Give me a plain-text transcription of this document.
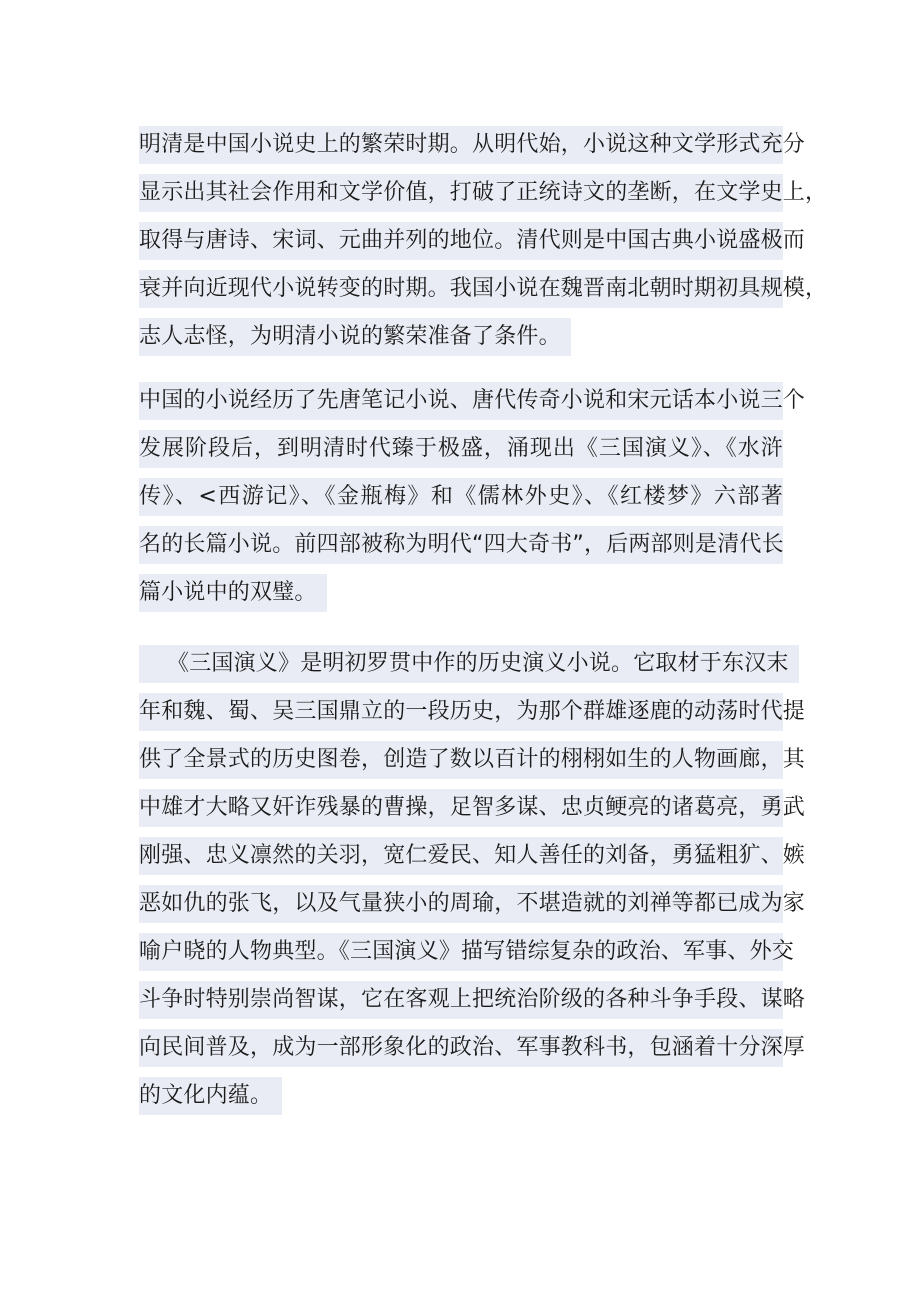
明清是中国小说史上的繁荣时期。从明代始，小说这种文学形式充分
显示出其社会作用和文学价值，打破了正统诗文的垄断，在文学史上，
取得与唐诗、宋词、元曲并列的地位。清代则是中国古典小说盛极而
衰并向近现代小说转变的时期。我国小说在魏晋南北朝时期初具规模，
志人志怪，为明清小说的繁荣准备了条件。
中国的小说经历了先唐笔记小说、唐代传奇小说和宋元话本小说三个
发展阶段后，到明清时代臻于极盛，涌现出《三国演义》、《水浒
传》、<西游记》、《金瓶梅》和《儒林外史》、《红楼梦》六部著
名的长篇小说。前四部被称为明代“四大奇书”，后两部则是清代长
篇小说中的双璧。
《三国演义》是明初罗贯中作的历史演义小说。它取材于东汉末
年和魏、蜀、吴三国鼎立的一段历史，为那个群雄逐鹿的动荡时代提
供了全景式的历史图卷，创造了数以百计的栩栩如生的人物画廊，其
中雄才大略又奸诈残暴的曹操，足智多谋、忠贞鲠亮的诸葛亮，勇武
刚强、忠义凛然的关羽，宽仁爱民、知人善任的刘备，勇猛粗犷、嫉
恶如仇的张飞，以及气量狭小的周瑜，不堪造就的刘禅等都已成为家
喻户晓的人物典型。《三国演义》描写错综复杂的政治、军事、外交
斗争时特别崇尚智谋，它在客观上把统治阶级的各种斗争手段、谋略
向民间普及，成为一部形象化的政治、军事教科书，包涵着十分深厚
的文化内蕴。
